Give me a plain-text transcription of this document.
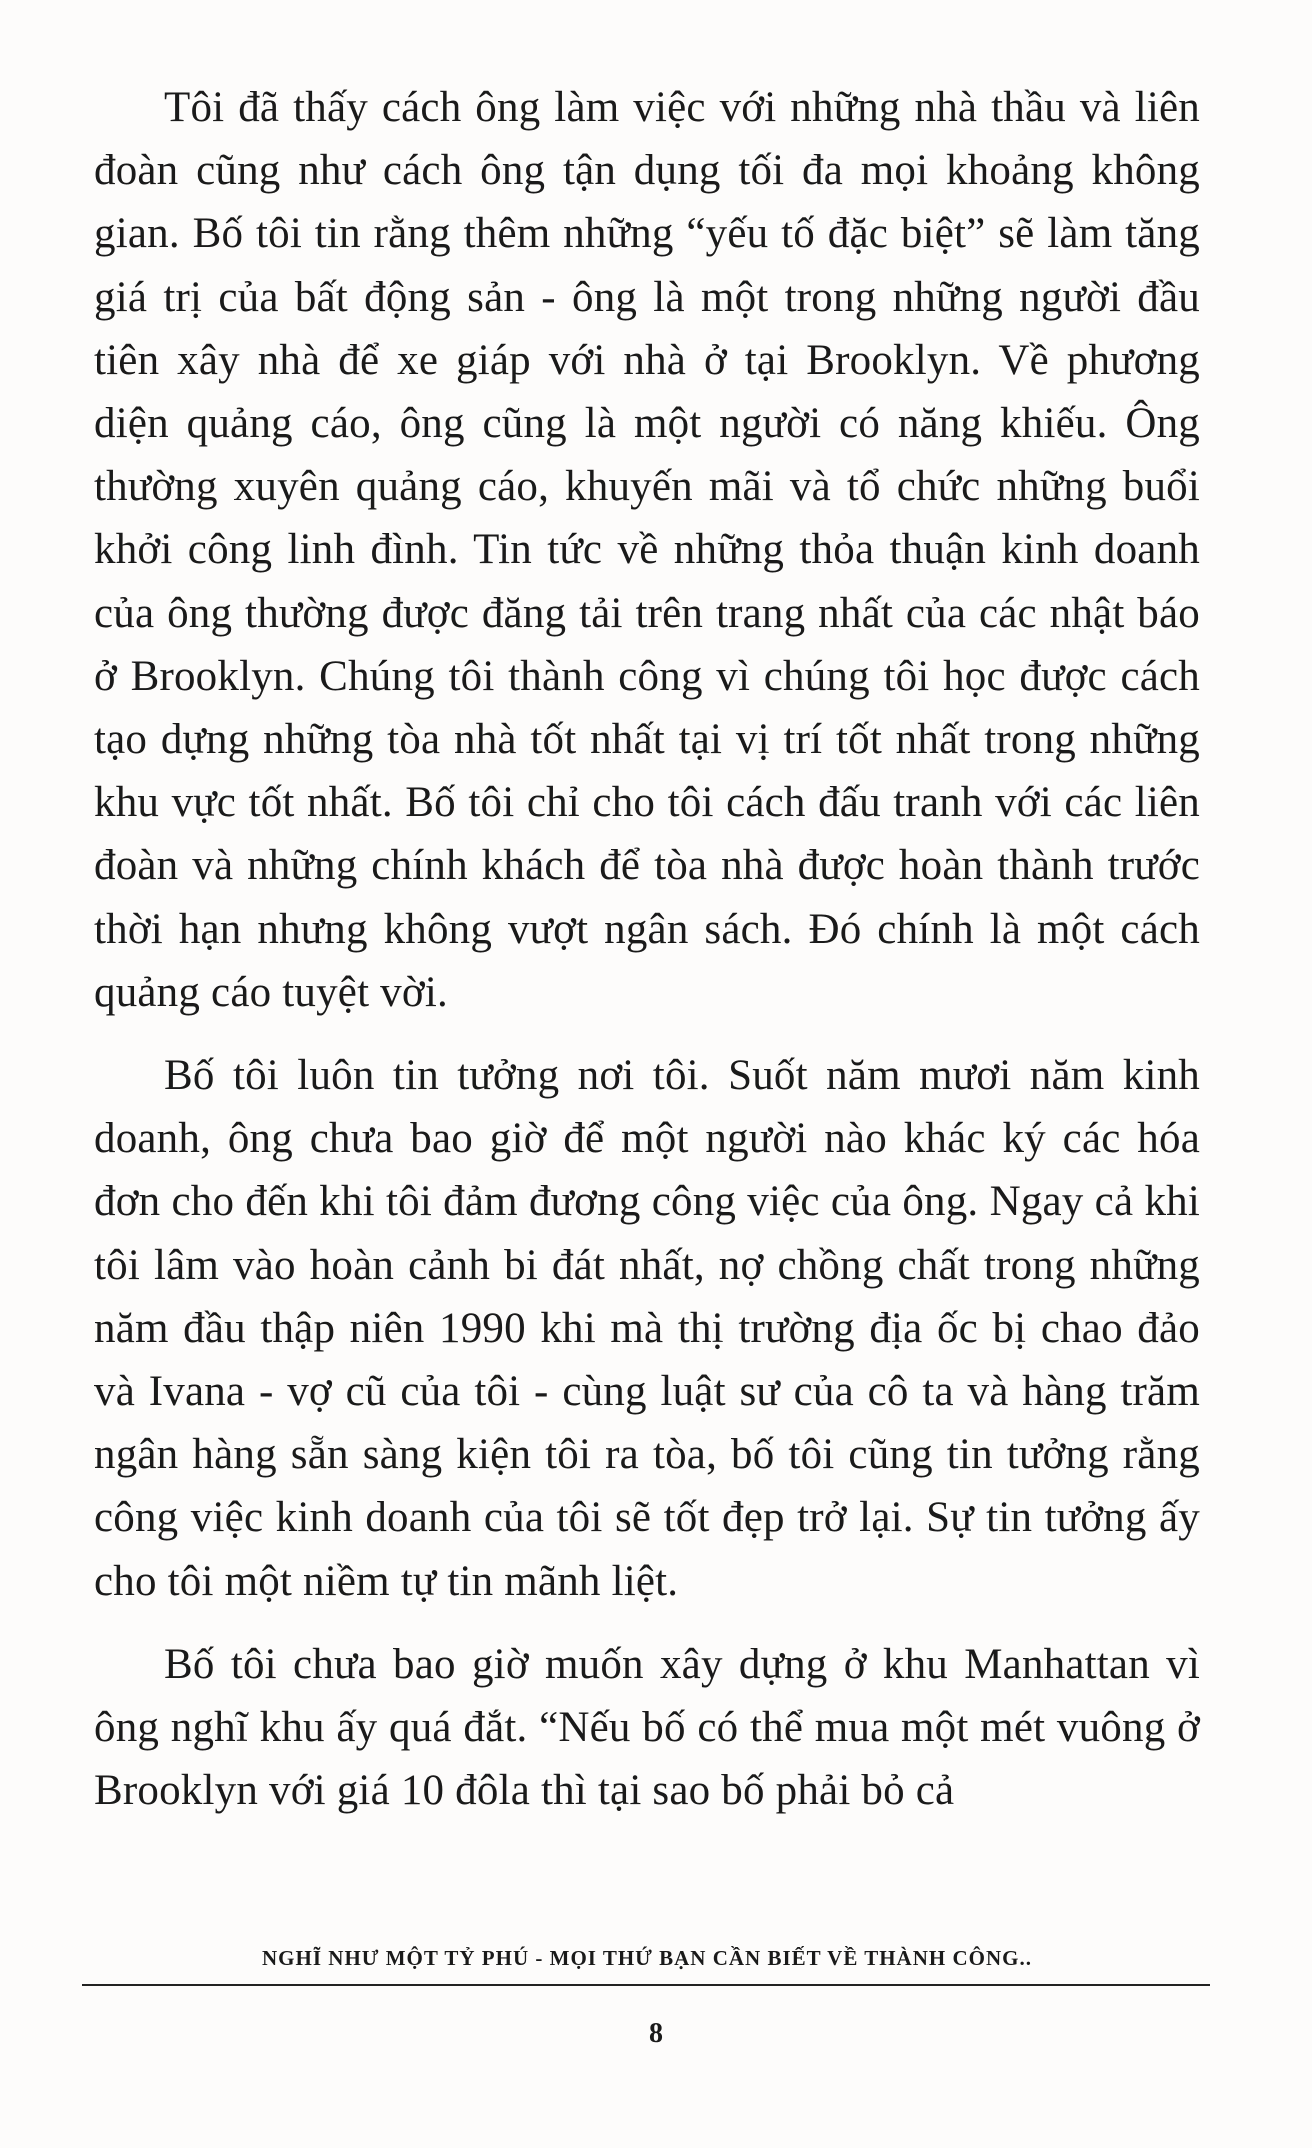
Tôi đã thấy cách ông làm việc với những nhà thầu và liên đoàn cũng như cách ông tận dụng tối đa mọi khoảng không gian. Bố tôi tin rằng thêm những “yếu tố đặc biệt” sẽ làm tăng giá trị của bất động sản - ông là một trong những người đầu tiên xây nhà để xe giáp với nhà ở tại Brooklyn. Về phương diện quảng cáo, ông cũng là một người có năng khiếu. Ông thường xuyên quảng cáo, khuyến mãi và tổ chức những buổi khởi công linh đình. Tin tức về những thỏa thuận kinh doanh của ông thường được đăng tải trên trang nhất của các nhật báo ở Brooklyn. Chúng tôi thành công vì chúng tôi học được cách tạo dựng những tòa nhà tốt nhất tại vị trí tốt nhất trong những khu vực tốt nhất. Bố tôi chỉ cho tôi cách đấu tranh với các liên đoàn và những chính khách để tòa nhà được hoàn thành trước thời hạn nhưng không vượt ngân sách. Đó chính là một cách quảng cáo tuyệt vời.

Bố tôi luôn tin tưởng nơi tôi. Suốt năm mươi năm kinh doanh, ông chưa bao giờ để một người nào khác ký các hóa đơn cho đến khi tôi đảm đương công việc của ông. Ngay cả khi tôi lâm vào hoàn cảnh bi đát nhất, nợ chồng chất trong những năm đầu thập niên 1990 khi mà thị trường địa ốc bị chao đảo và Ivana - vợ cũ của tôi - cùng luật sư của cô ta và hàng trăm ngân hàng sẵn sàng kiện tôi ra tòa, bố tôi cũng tin tưởng rằng công việc kinh doanh của tôi sẽ tốt đẹp trở lại. Sự tin tưởng ấy cho tôi một niềm tự tin mãnh liệt.

Bố tôi chưa bao giờ muốn xây dựng ở khu Manhattan vì ông nghĩ khu ấy quá đắt. “Nếu bố có thể mua một mét vuông ở Brooklyn với giá 10 đôla thì tại sao bố phải bỏ cả

NGHĨ NHƯ MỘT TỶ PHÚ - MỌI THỨ BẠN CẦN BIẾT VỀ THÀNH CÔNG..
8
